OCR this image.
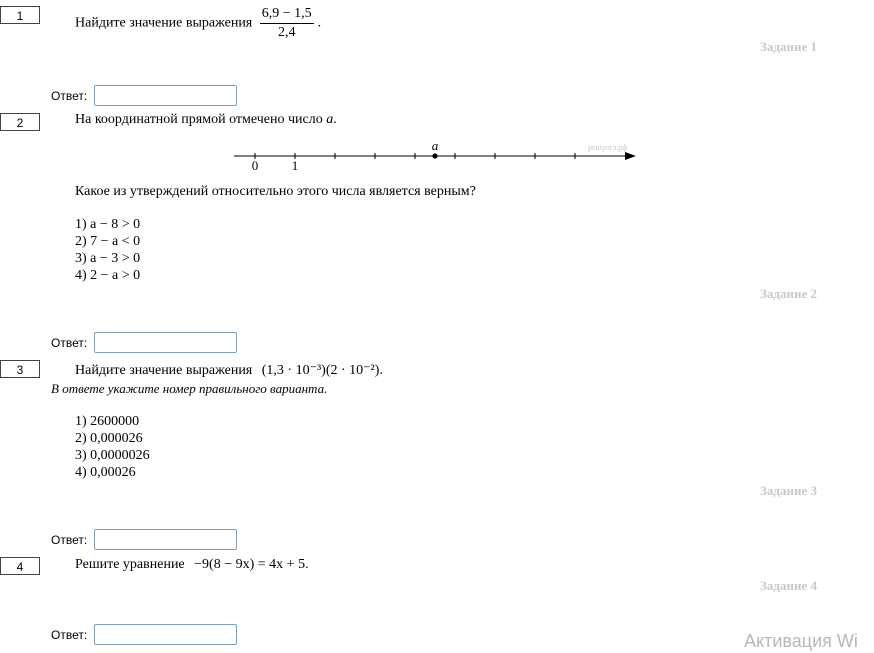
1	Найдите значение выражения $\frac{6,9 - 1,5}{2,4}$ .
Задание 1
Ответ:
2	На координатной прямой отмечено число a.
0	1
a	решуогэ.рф
Какое из утверждений относительно этого числа является верным?
1) a − 8 > 0
2) 7 − a < 0
3) a − 3 > 0
4) 2 − a > 0
Задание 2
Ответ:
3	Найдите значение выражения (1,3 · 10⁻³)(2 · 10⁻²).
В ответе укажите номер правильного варианта.
1) 2600000
2) 0,000026
3) 0,0000026
4) 0,00026
Задание 3
Ответ:
4	Решите уравнение −9(8 − 9x) = 4x + 5.
Задание 4
Ответ:	Активация Wi
